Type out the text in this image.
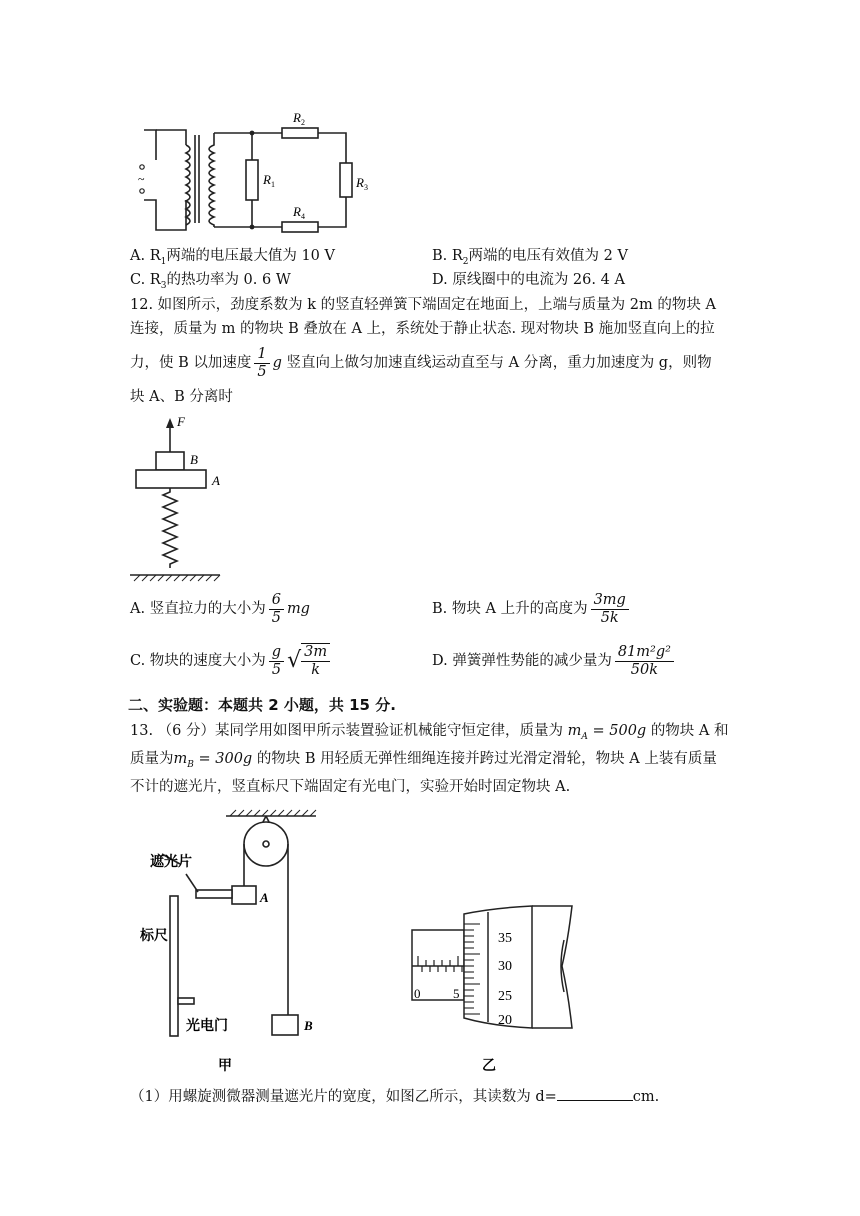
~
$R_2$
$R_1$	$R_3$
$R_4$
A. $R_1$两端的电压最大值为 10 V	B. $R_2$两端的电压有效值为 2 V
C. $R_3$的热功率为 0. 6 W	D. 原线圈中的电流为 26. 4 A
12. 如图所示，劲度系数为 k 的竖直轻弹簧下端固定在地面上，上端与质量为 2m 的物块 A
连接，质量为 m 的物块 B 叠放在 A 上，系统处于静止状态. 现对物块 B 施加竖直向上的拉
力，使 B 以加速度 $\frac{1}{5}$ g 竖直向上做匀加速直线运动直至与 A 分离，重力加速度为 g，则物
块 A、B 分离时
F
B
A
A. 竖直拉力的大小为 $\frac{6}{5}$ mg	B. 物块 A 上升的高度为 $\frac{3mg}{5k}$
C. 物块的速度大小为 $\frac{g}{5}$ √ $\frac{3m}{k}$	D. 弹簧弹性势能的减少量为 $\frac{\text{81m²g²}}{50k}$
二、实验题：本题共 2 小题，共 15 分.
13. （6 分）某同学用如图甲所示装置验证机械能守恒定律，质量为 $m_A = 500g$ 的物块 A 和
质量为$m_B = 300g$ 的物块 B 用轻质无弹性细绳连接并跨过光滑定滑轮，物块 A 上装有质量
不计的遮光片，竖直标尺下端固定有光电门，实验开始时固定物块 A.
遮光片
A
标尺
光电门	B
甲
35
30
25
20
0	5
乙
（1）用螺旋测微器测量遮光片的宽度，如图乙所示，其读数为 d=	cm.
